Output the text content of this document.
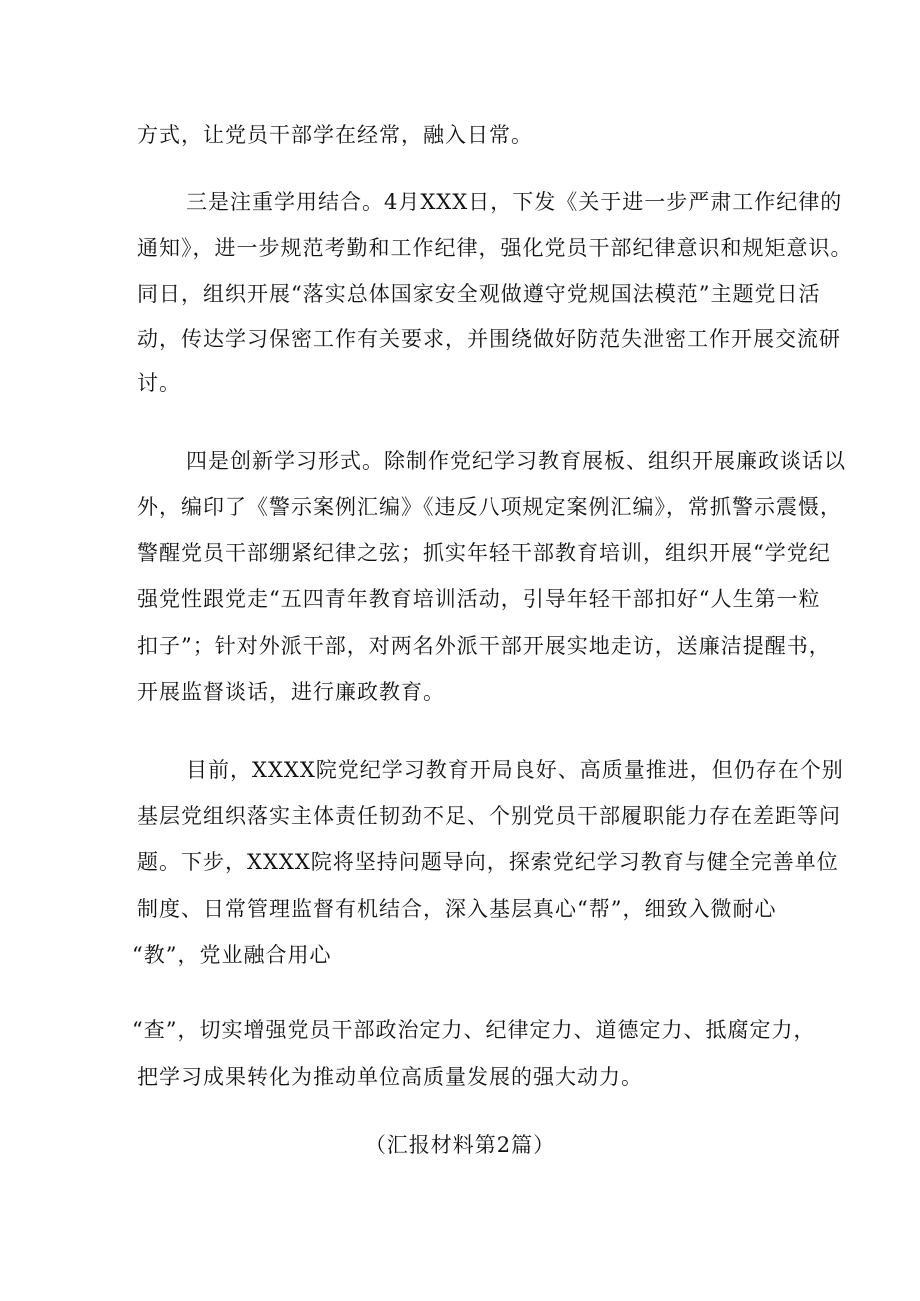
方式，让党员干部学在经常，融入日常。
三是注重学用结合。4月XXX日，下发《关于进一步严肃工作纪律的
通知》，进一步规范考勤和工作纪律，强化党员干部纪律意识和规矩意识。
同日，组织开展“落实总体国家安全观做遵守党规国法模范”主题党日活
动，传达学习保密工作有关要求，并围绕做好防范失泄密工作开展交流研
讨。
四是创新学习形式。除制作党纪学习教育展板、组织开展廉政谈话以
外，编印了《警示案例汇编》《违反八项规定案例汇编》，常抓警示震慑，
警醒党员干部绷紧纪律之弦；抓实年轻干部教育培训，组织开展“学党纪
强党性跟党走“五四青年教育培训活动，引导年轻干部扣好“人生第一粒
扣子”；针对外派干部，对两名外派干部开展实地走访，送廉洁提醒书，
开展监督谈话，进行廉政教育。
目前，XXXX院党纪学习教育开局良好、高质量推进，但仍存在个别
基层党组织落实主体责任韧劲不足、个别党员干部履职能力存在差距等问
题。下步，XXXX院将坚持问题导向，探索党纪学习教育与健全完善单位
制度、日常管理监督有机结合，深入基层真心“帮”，细致入微耐心
“教”，党业融合用心
“查”，切实增强党员干部政治定力、纪律定力、道德定力、抵腐定力，
把学习成果转化为推动单位高质量发展的强大动力。
（汇报材料第2篇）
